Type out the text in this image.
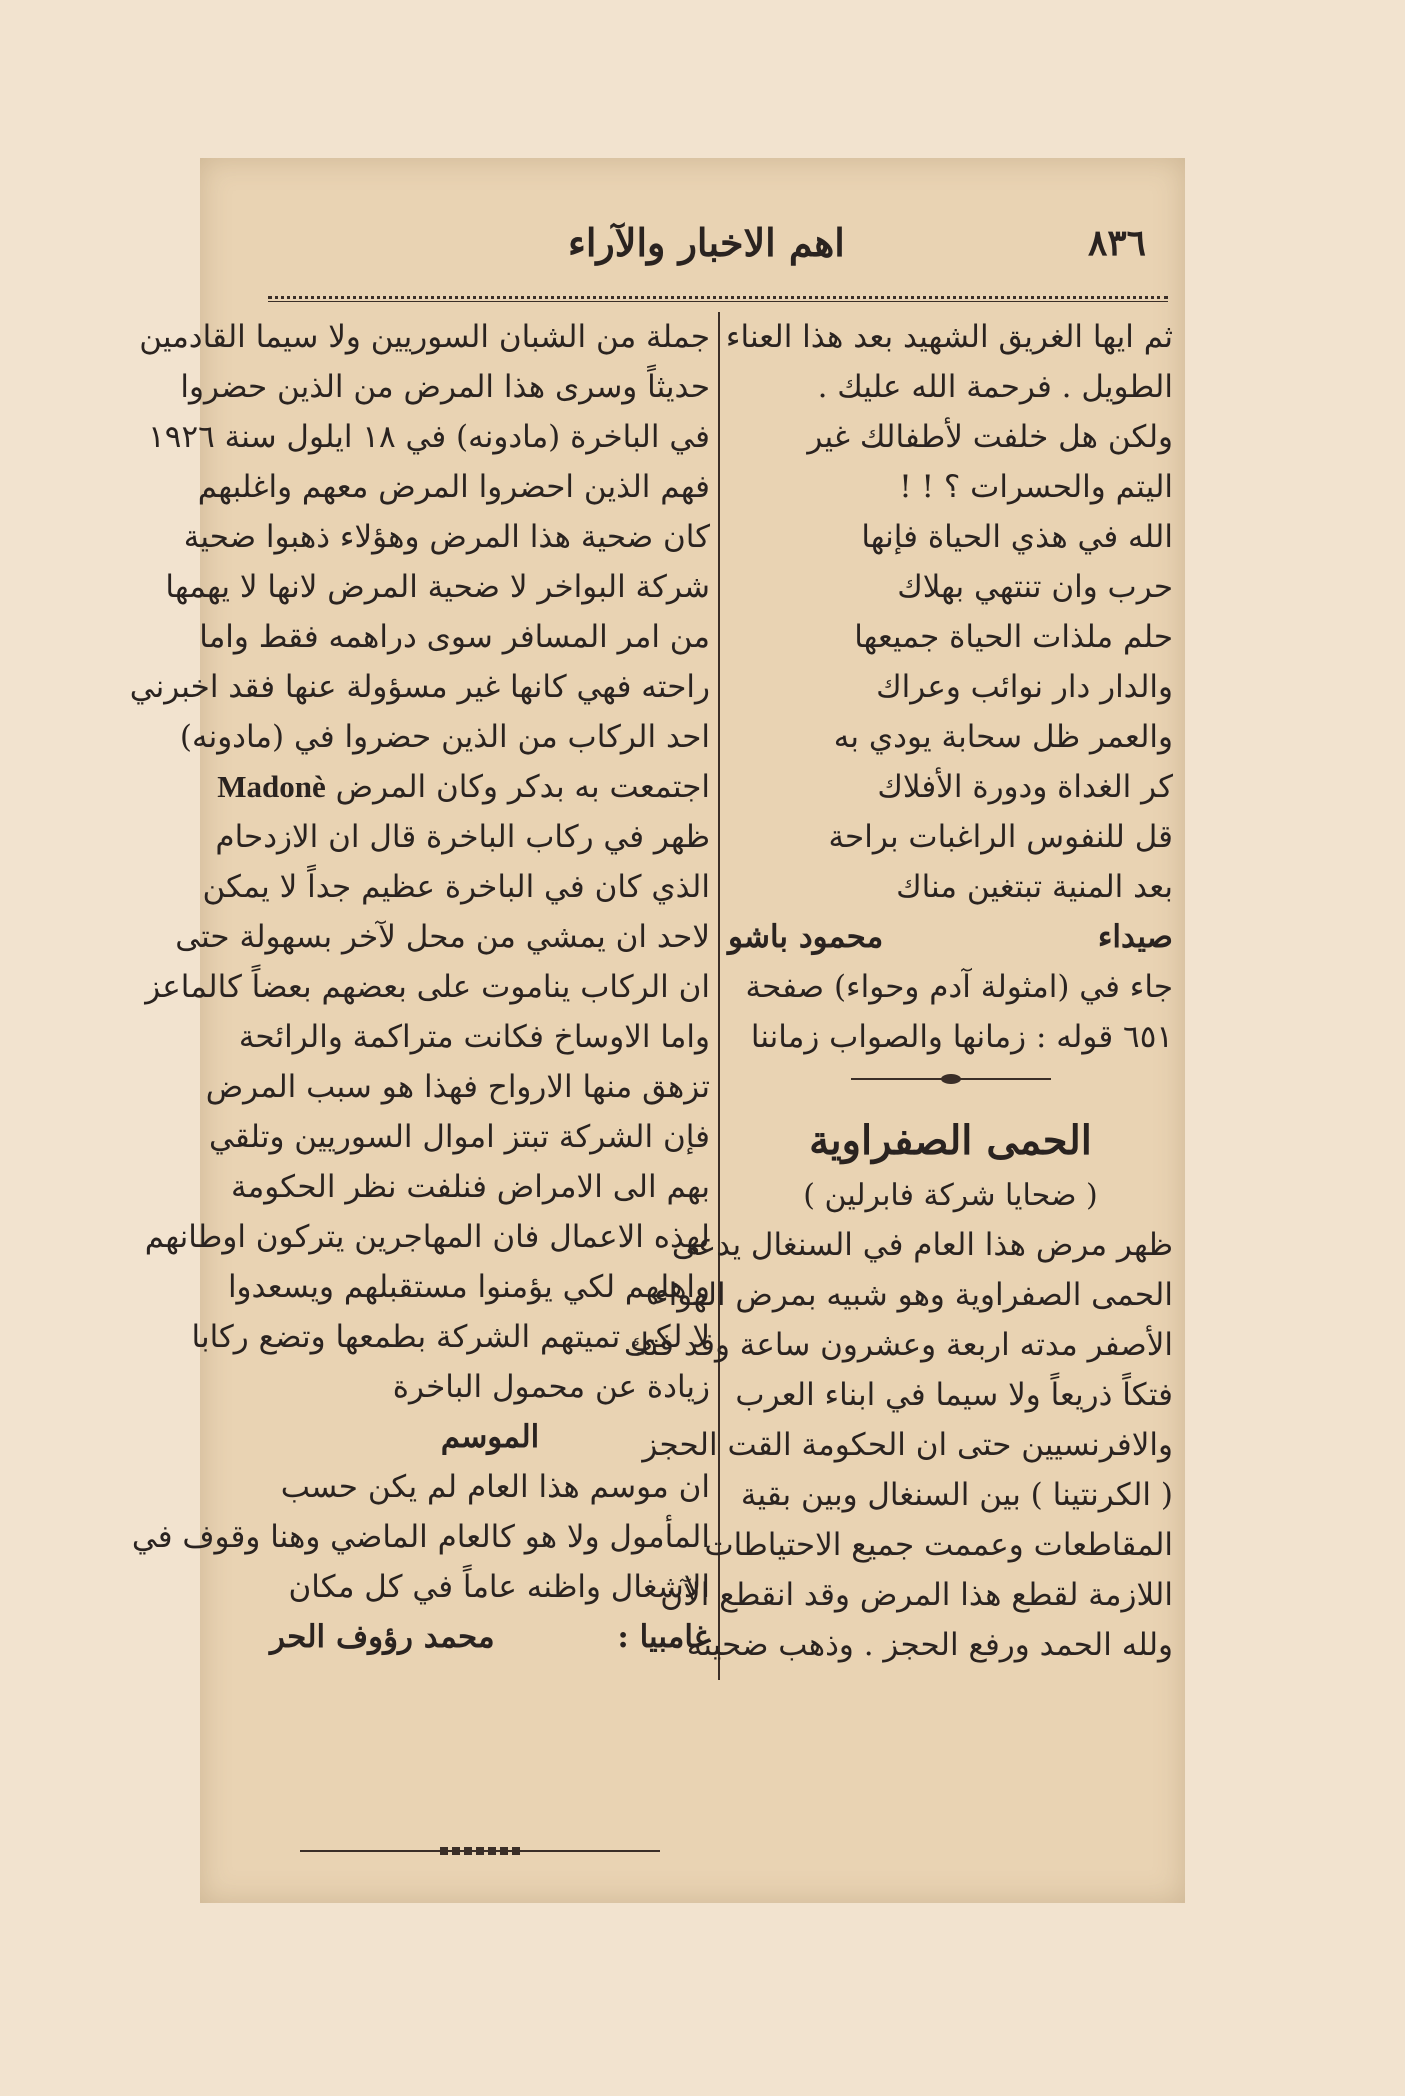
٨٣٦
اهم الاخبار والآراء
ثم ايها الغريق الشهيد بعد هذا العناء
الطويل . فرحمة الله عليك .
ولكن هل خلفت لأطفالك غير
اليتم والحسرات ؟ ! !
الله في هذي الحياة فإنها
حرب وان تنتهي بهلاك
حلم ملذات الحياة جميعها
والدار دار نوائب وعراك
والعمر ظل سحابة يودي به
كر الغداة ودورة الأفلاك
قل للنفوس الراغبات براحة
بعد المنية تبتغين مناك
صيداء
محمود باشو
جاء في (امثولة آدم وحواء) صفحة
٦٥١ قوله : زمانها والصواب زماننا
الحمى الصفراوية
( ضحايا شركة فابرلين )
ظهر مرض هذا العام في السنغال يدعى
الحمى الصفراوية وهو شبيه بمرض الهواء
الأصفر مدته اربعة وعشرون ساعة وقد فتك
فتكاً ذريعاً ولا سيما في ابناء العرب
والافرنسيين حتى ان الحكومة القت الحجز
( الكرنتينا ) بين السنغال وبين بقية
المقاطعات وعممت جميع الاحتياطات
اللازمة لقطع هذا المرض وقد انقطع الآن
ولله الحمد ورفع الحجز . وذهب ضحيته
جملة من الشبان السوريين ولا سيما القادمين
حديثاً وسرى هذا المرض من الذين حضروا
في الباخرة (مادونه) في ١٨ ايلول سنة ١٩٢٦
فهم الذين احضروا المرض معهم واغلبهم
كان ضحية هذا المرض وهؤلاء ذهبوا ضحية
شركة البواخر لا ضحية المرض لانها لا يهمها
من امر المسافر سوى دراهمه فقط واما
راحته فهي كانها غير مسؤولة عنها فقد اخبرني
احد الركاب من الذين حضروا في (مادونه)
اجتمعت به بدكر وكان المرض Madonè
ظهر في ركاب الباخرة قال ان الازدحام
الذي كان في الباخرة عظيم جداً لا يمكن
لاحد ان يمشي من محل لآخر بسهولة حتى
ان الركاب يناموت على بعضهم بعضاً كالماعز
واما الاوساخ فكانت متراكمة والرائحة
تزهق منها الارواح فهذا هو سبب المرض
فإن الشركة تبتز اموال السوريين وتلقي
بهم الى الامراض فنلفت نظر الحكومة
لهذه الاعمال فان المهاجرين يتركون اوطانهم
واهلهم لكي يؤمنوا مستقبلهم ويسعدوا
لا لكي تميتهم الشركة بطمعها وتضع ركابا
زيادة عن محمول الباخرة
الموسم
ان موسم هذا العام لم يكن حسب
المأمول ولا هو كالعام الماضي وهنا وقوف في
الاشغال واظنه عاماً في كل مكان
غامبيا :
محمد رؤوف الحر
